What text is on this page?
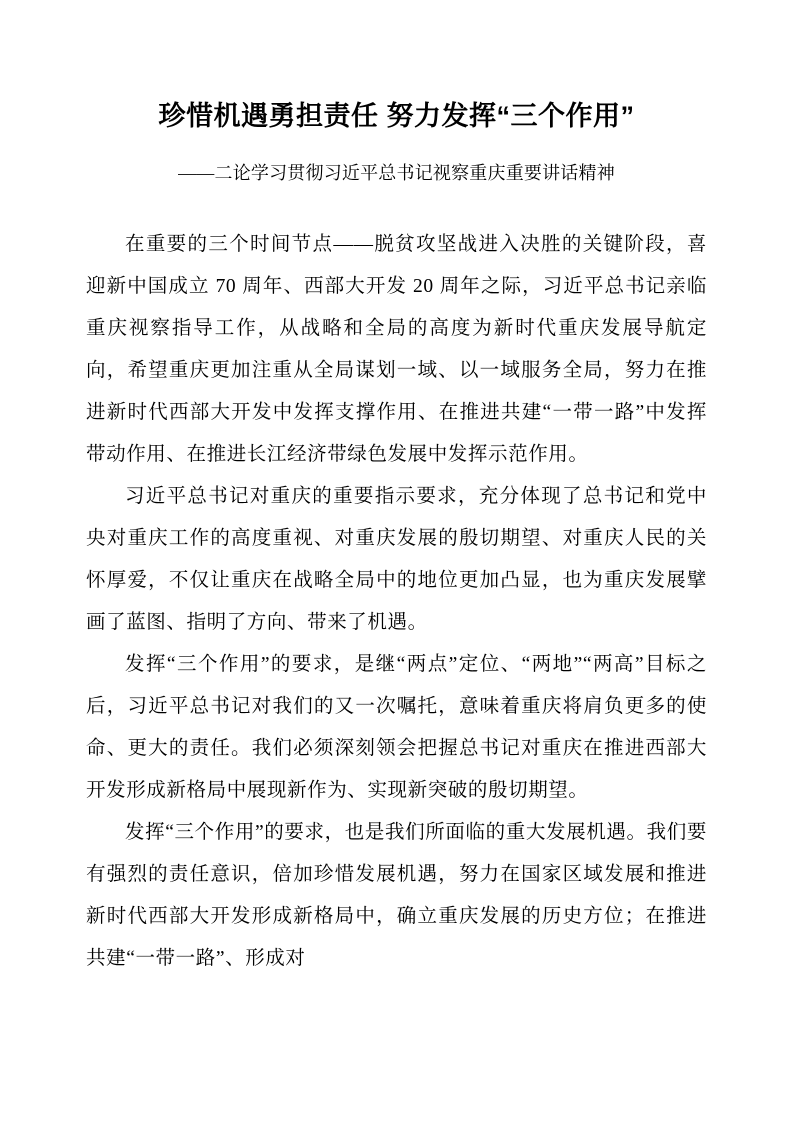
珍惜机遇勇担责任 努力发挥“三个作用”
——二论学习贯彻习近平总书记视察重庆重要讲话精神

在重要的三个时间节点——脱贫攻坚战进入决胜的关键阶段，喜迎新中国成立 70 周年、西部大开发 20 周年之际，习近平总书记亲临重庆视察指导工作，从战略和全局的高度为新时代重庆发展导航定向，希望重庆更加注重从全局谋划一域、以一域服务全局，努力在推进新时代西部大开发中发挥支撑作用、在推进共建“一带一路”中发挥带动作用、在推进长江经济带绿色发展中发挥示范作用。

习近平总书记对重庆的重要指示要求，充分体现了总书记和党中央对重庆工作的高度重视、对重庆发展的殷切期望、对重庆人民的关怀厚爱，不仅让重庆在战略全局中的地位更加凸显，也为重庆发展擘画了蓝图、指明了方向、带来了机遇。

发挥“三个作用”的要求，是继“两点”定位、“两地”“两高”目标之后，习近平总书记对我们的又一次嘱托，意味着重庆将肩负更多的使命、更大的责任。我们必须深刻领会把握总书记对重庆在推进西部大开发形成新格局中展现新作为、实现新突破的殷切期望。

发挥“三个作用”的要求，也是我们所面临的重大发展机遇。我们要有强烈的责任意识，倍加珍惜发展机遇，努力在国家区域发展和推进新时代西部大开发形成新格局中，确立重庆发展的历史方位；在推进共建“一带一路”、形成对
